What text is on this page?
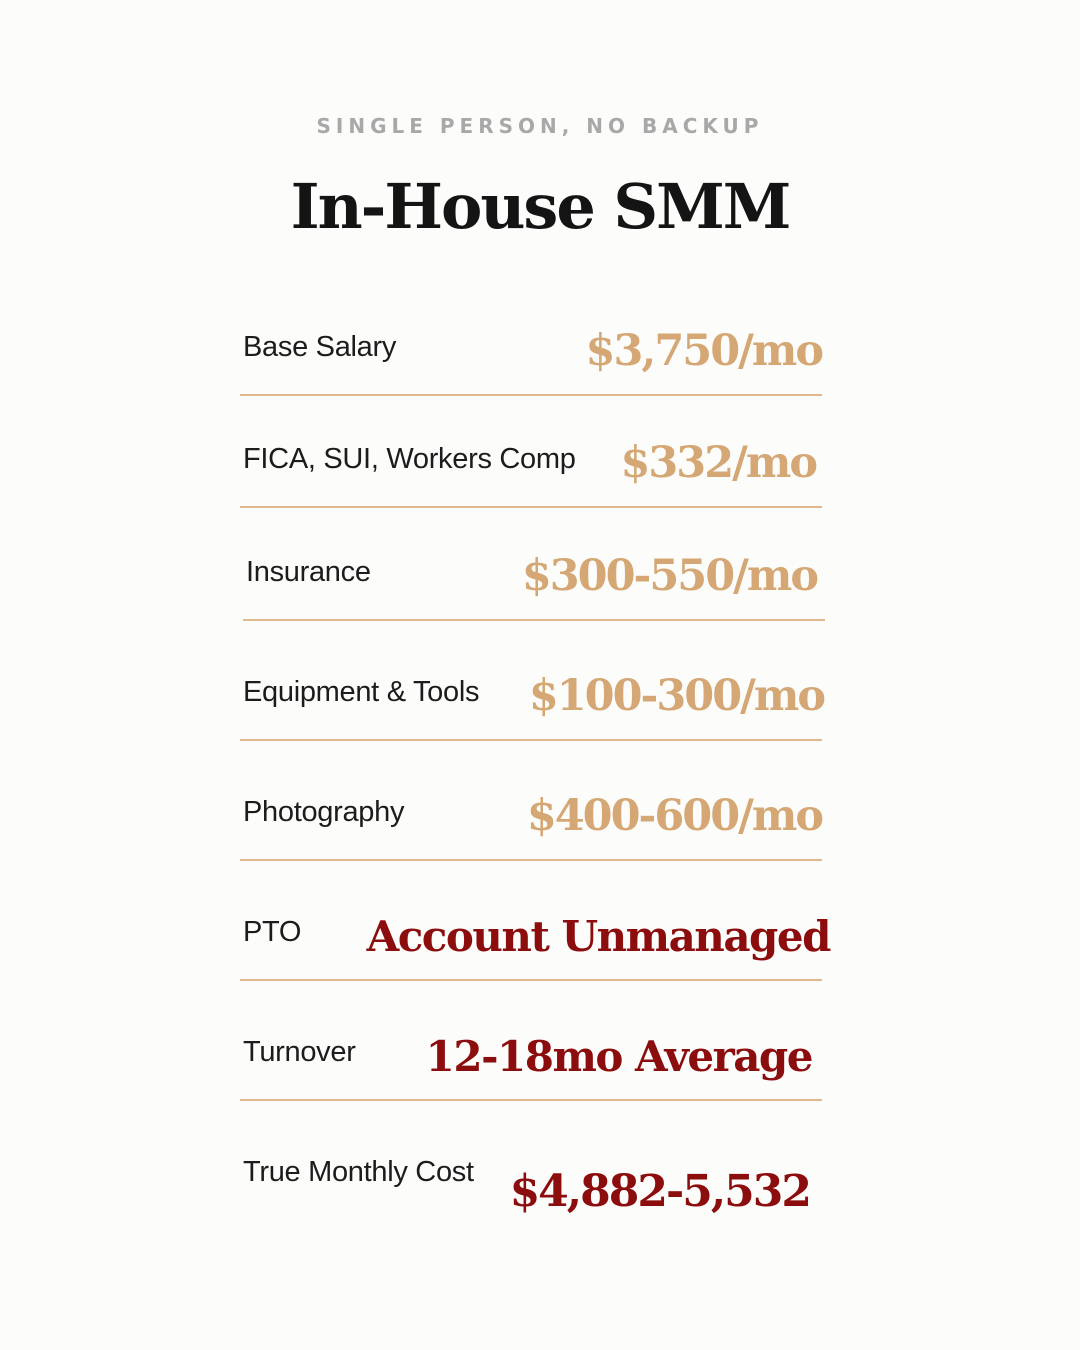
SINGLE PERSON, NO BACKUP
In-House SMM
Base Salary	$3,750/mo
FICA, SUI, Workers Comp $332/mo
Insurance	$300-550/mo
Equipment & Tools $100-300/mo
Photography	$400-600/mo
PTO Account Unmanaged
Turnover 12-18mo Average
True Monthly Cost $4,882-5,532
